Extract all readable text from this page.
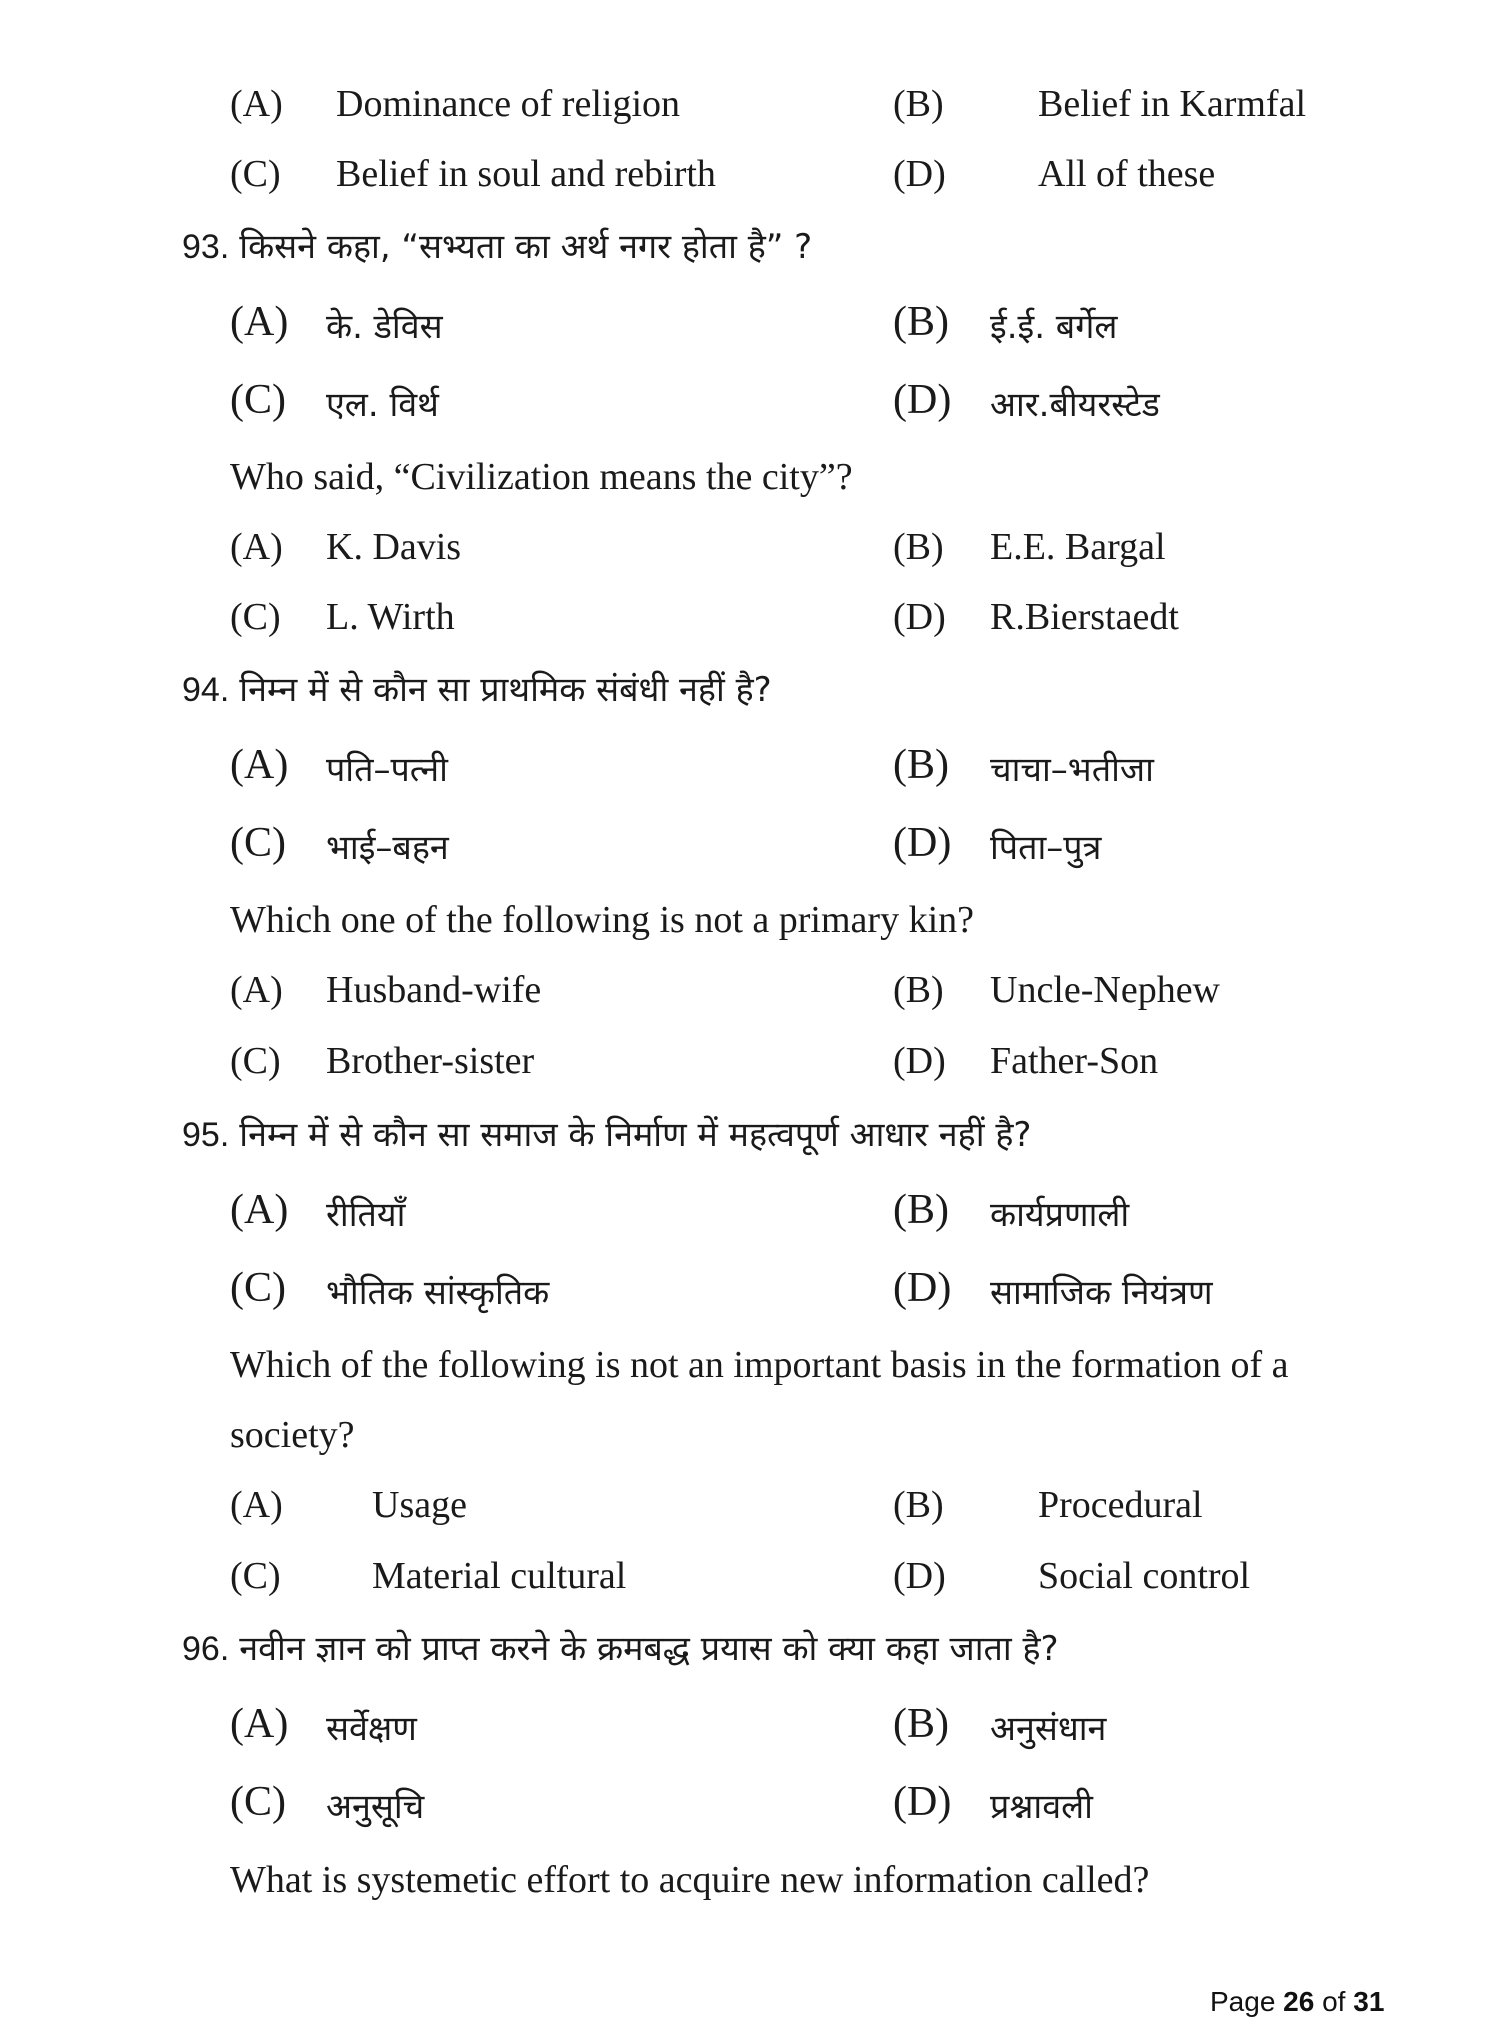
(A) Dominance of religion	(B) Belief in Karmfal
(C) Belief in soul and rebirth	(D) All of these
93. किसने कहा, “सभ्यता का अर्थ नगर होता है” ?
(A) के. डेविस	(B) ई.ई. बर्गेल
(C) एल. विर्थ	(D) आर.बीयरस्टेड
Who said, “Civilization means the city”?
(A) K. Davis	(B) E.E. Bargal
(C) L. Wirth	(D) R.Bierstaedt
94. निम्न में से कौन सा प्राथमिक संबंधी नहीं है?
(A) पति–पत्नी	(B) चाचा–भतीजा
(C) भाई–बहन	(D) पिता–पुत्र
Which one of the following is not a primary kin?
(A) Husband-wife	(B) Uncle-Nephew
(C) Brother-sister	(D) Father-Son
95. निम्न में से कौन सा समाज के निर्माण में महत्वपूर्ण आधार नहीं है?
(A) रीतियाँ	(B) कार्यप्रणाली
(C) भौतिक सांस्कृतिक	(D) सामाजिक नियंत्रण
Which of the following is not an important basis in the formation of a
society?
(A) Usage	(B) Procedural
(C) Material cultural	(D) Social control
96. नवीन ज्ञान को प्राप्त करने के क्रमबद्ध प्रयास को क्या कहा जाता है?
(A) सर्वेक्षण	(B) अनुसंधान
(C) अनुसूचि	(D) प्रश्नावली
What is systemetic effort to acquire new information called?
Page 26 of 31
